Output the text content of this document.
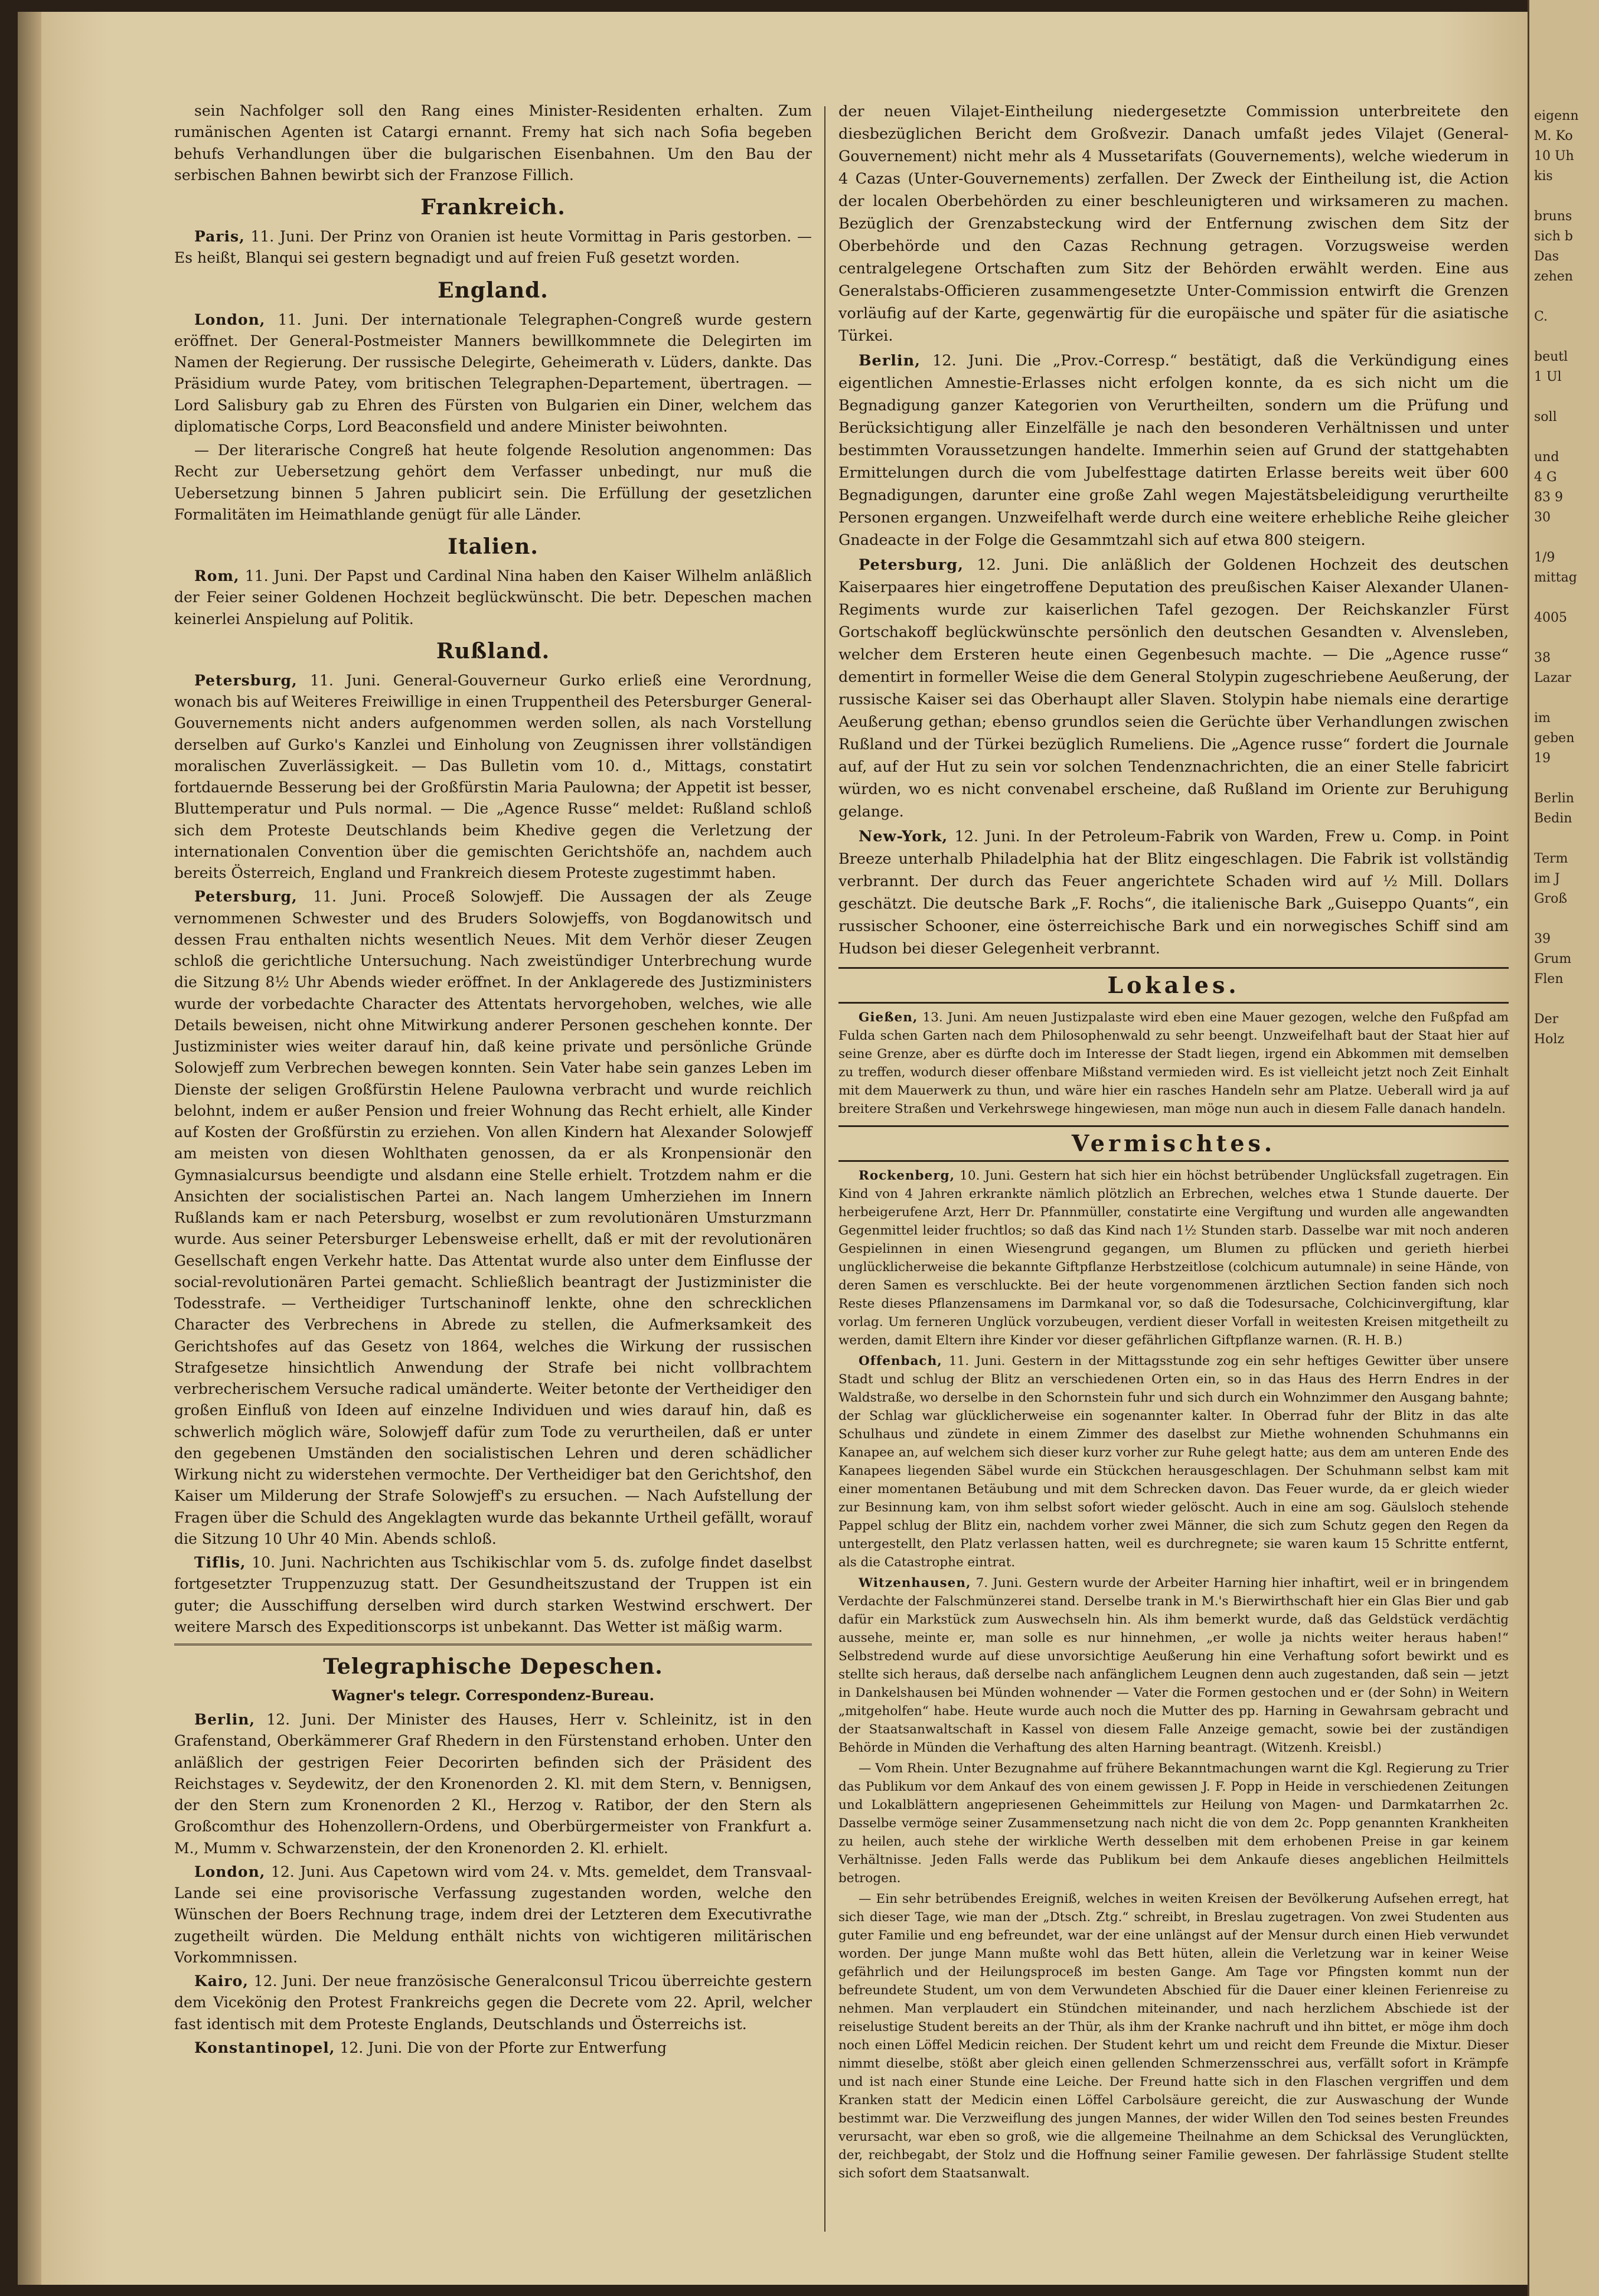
sein Nachfolger soll den Rang eines Minister-Residenten erhalten. Zum rumänischen Agenten ist Catargi ernannt. Fremy hat sich nach Sofia begeben behufs Verhandlungen über die bulgarischen Eisenbahnen. Um den Bau der serbischen Bahnen bewirbt sich der Franzose Fillich.

Frankreich.

Paris, 11. Juni. Der Prinz von Oranien ist heute Vormittag in Paris gestorben. — Es heißt, Blanqui sei gestern begnadigt und auf freien Fuß gesetzt worden.

England.

London, 11. Juni. Der internationale Telegraphen-Congreß wurde gestern eröffnet. Der General-Postmeister Manners bewillkommnete die Delegirten im Namen der Regierung. Der russische Delegirte, Geheimerath v. Lüders, dankte. Das Präsidium wurde Patey, vom britischen Telegraphen-Departement, übertragen. — Lord Salisbury gab zu Ehren des Fürsten von Bulgarien ein Diner, welchem das diplomatische Corps, Lord Beaconsfield und andere Minister beiwohnten.

— Der literarische Congreß hat heute folgende Resolution angenommen: Das Recht zur Uebersetzung gehört dem Verfasser unbedingt, nur muß die Uebersetzung binnen 5 Jahren publicirt sein. Die Erfüllung der gesetzlichen Formalitäten im Heimathlande genügt für alle Länder.

Italien.

Rom, 11. Juni. Der Papst und Cardinal Nina haben den Kaiser Wilhelm anläßlich der Feier seiner Goldenen Hochzeit beglückwünscht. Die betr. Depeschen machen keinerlei Anspielung auf Politik.

Rußland.

Petersburg, 11. Juni. General-Gouverneur Gurko erließ eine Verordnung, wonach bis auf Weiteres Freiwillige in einen Truppentheil des Petersburger General-Gouvernements nicht anders aufgenommen werden sollen, als nach Vorstellung derselben auf Gurko's Kanzlei und Einholung von Zeugnissen ihrer vollständigen moralischen Zuverlässigkeit. — Das Bulletin vom 10. d., Mittags, constatirt fortdauernde Besserung bei der Großfürstin Maria Paulowna; der Appetit ist besser, Bluttemperatur und Puls normal. — Die „Agence Russe“ meldet: Rußland schloß sich dem Proteste Deutschlands beim Khedive gegen die Verletzung der internationalen Convention über die gemischten Gerichtshöfe an, nachdem auch bereits Österreich, England und Frankreich diesem Proteste zugestimmt haben.

Petersburg, 11. Juni. Proceß Solowjeff. Die Aussagen der als Zeuge vernommenen Schwester und des Bruders Solowjeffs, von Bogdanowitsch und dessen Frau enthalten nichts wesentlich Neues. Mit dem Verhör dieser Zeugen schloß die gerichtliche Untersuchung. Nach zweistündiger Unterbrechung wurde die Sitzung 8½ Uhr Abends wieder eröffnet. In der Anklagerede des Justizministers wurde der vorbedachte Character des Attentats hervorgehoben, welches, wie alle Details beweisen, nicht ohne Mitwirkung anderer Personen geschehen konnte. Der Justizminister wies weiter darauf hin, daß keine private und persönliche Gründe Solowjeff zum Verbrechen bewegen konnten. Sein Vater habe sein ganzes Leben im Dienste der seligen Großfürstin Helene Paulowna verbracht und wurde reichlich belohnt, indem er außer Pension und freier Wohnung das Recht erhielt, alle Kinder auf Kosten der Großfürstin zu erziehen. Von allen Kindern hat Alexander Solowjeff am meisten von diesen Wohlthaten genossen, da er als Kronpensionär den Gymnasialcursus beendigte und alsdann eine Stelle erhielt. Trotzdem nahm er die Ansichten der socialistischen Partei an. Nach langem Umherziehen im Innern Rußlands kam er nach Petersburg, woselbst er zum revolutionären Umsturzmann wurde. Aus seiner Petersburger Lebensweise erhellt, daß er mit der revolutionären Gesellschaft engen Verkehr hatte. Das Attentat wurde also unter dem Einflusse der social-revolutionären Partei gemacht. Schließlich beantragt der Justizminister die Todesstrafe. — Vertheidiger Turtschaninoff lenkte, ohne den schrecklichen Character des Verbrechens in Abrede zu stellen, die Aufmerksamkeit des Gerichtshofes auf das Gesetz von 1864, welches die Wirkung der russischen Strafgesetze hinsichtlich Anwendung der Strafe bei nicht vollbrachtem verbrecherischem Versuche radical umänderte. Weiter betonte der Vertheidiger den großen Einfluß von Ideen auf einzelne Individuen und wies darauf hin, daß es schwerlich möglich wäre, Solowjeff dafür zum Tode zu verurtheilen, daß er unter den gegebenen Umständen den socialistischen Lehren und deren schädlicher Wirkung nicht zu widerstehen vermochte. Der Vertheidiger bat den Gerichtshof, den Kaiser um Milderung der Strafe Solowjeff's zu ersuchen. — Nach Aufstellung der Fragen über die Schuld des Angeklagten wurde das bekannte Urtheil gefällt, worauf die Sitzung 10 Uhr 40 Min. Abends schloß.

Tiflis, 10. Juni. Nachrichten aus Tschikischlar vom 5. ds. zufolge findet daselbst fortgesetzter Truppenzuzug statt. Der Gesundheitszustand der Truppen ist ein guter; die Ausschiffung derselben wird durch starken Westwind erschwert. Der weitere Marsch des Expeditionscorps ist unbekannt. Das Wetter ist mäßig warm.

Telegraphische Depeschen.
Wagner's telegr. Correspondenz-Bureau.

Berlin, 12. Juni. Der Minister des Hauses, Herr v. Schleinitz, ist in den Grafenstand, Oberkämmerer Graf Rhedern in den Fürstenstand erhoben. Unter den anläßlich der gestrigen Feier Decorirten befinden sich der Präsident des Reichstages v. Seydewitz, der den Kronenorden 2. Kl. mit dem Stern, v. Bennigsen, der den Stern zum Kronenorden 2 Kl., Herzog v. Ratibor, der den Stern als Großcomthur des Hohenzollern-Ordens, und Oberbürgermeister von Frankfurt a. M., Mumm v. Schwarzenstein, der den Kronenorden 2. Kl. erhielt.

London, 12. Juni. Aus Capetown wird vom 24. v. Mts. gemeldet, dem Transvaal-Lande sei eine provisorische Verfassung zugestanden worden, welche den Wünschen der Boers Rechnung trage, indem drei der Letzteren dem Executivrathe zugetheilt würden. Die Meldung enthält nichts von wichtigeren militärischen Vorkommnissen.

Kairo, 12. Juni. Der neue französische Generalconsul Tricou überreichte gestern dem Vicekönig den Protest Frankreichs gegen die Decrete vom 22. April, welcher fast identisch mit dem Proteste Englands, Deutschlands und Österreichs ist.

Konstantinopel, 12. Juni. Die von der Pforte zur Entwerfung

der neuen Vilajet-Eintheilung niedergesetzte Commission unterbreitete den diesbezüglichen Bericht dem Großvezir. Danach umfaßt jedes Vilajet (General-Gouvernement) nicht mehr als 4 Mussetarifats (Gouvernements), welche wiederum in 4 Cazas (Unter-Gouvernements) zerfallen. Der Zweck der Eintheilung ist, die Action der localen Oberbehörden zu einer beschleunigteren und wirksameren zu machen. Bezüglich der Grenzabsteckung wird der Entfernung zwischen dem Sitz der Oberbehörde und den Cazas Rechnung getragen. Vorzugsweise werden centralgelegene Ortschaften zum Sitz der Behörden erwählt werden. Eine aus Generalstabs-Officieren zusammengesetzte Unter-Commission entwirft die Grenzen vorläufig auf der Karte, gegenwärtig für die europäische und später für die asiatische Türkei.

Berlin, 12. Juni. Die „Prov.-Corresp.“ bestätigt, daß die Verkündigung eines eigentlichen Amnestie-Erlasses nicht erfolgen konnte, da es sich nicht um die Begnadigung ganzer Kategorien von Verurtheilten, sondern um die Prüfung und Berücksichtigung aller Einzelfälle je nach den besonderen Verhältnissen und unter bestimmten Voraussetzungen handelte. Immerhin seien auf Grund der stattgehabten Ermittelungen durch die vom Jubelfesttage datirten Erlasse bereits weit über 600 Begnadigungen, darunter eine große Zahl wegen Majestätsbeleidigung verurtheilte Personen ergangen. Unzweifelhaft werde durch eine weitere erhebliche Reihe gleicher Gnadeacte in der Folge die Gesammtzahl sich auf etwa 800 steigern.

Petersburg, 12. Juni. Die anläßlich der Goldenen Hochzeit des deutschen Kaiserpaares hier eingetroffene Deputation des preußischen Kaiser Alexander Ulanen-Regiments wurde zur kaiserlichen Tafel gezogen. Der Reichskanzler Fürst Gortschakoff beglückwünschte persönlich den deutschen Gesandten v. Alvensleben, welcher dem Ersteren heute einen Gegenbesuch machte. — Die „Agence russe“ dementirt in formeller Weise die dem General Stolypin zugeschriebene Aeußerung, der russische Kaiser sei das Oberhaupt aller Slaven. Stolypin habe niemals eine derartige Aeußerung gethan; ebenso grundlos seien die Gerüchte über Verhandlungen zwischen Rußland und der Türkei bezüglich Rumeliens. Die „Agence russe“ fordert die Journale auf, auf der Hut zu sein vor solchen Tendenznachrichten, die an einer Stelle fabricirt würden, wo es nicht convenabel erscheine, daß Rußland im Oriente zur Beruhigung gelange.

New-York, 12. Juni. In der Petroleum-Fabrik von Warden, Frew u. Comp. in Point Breeze unterhalb Philadelphia hat der Blitz eingeschlagen. Die Fabrik ist vollständig verbrannt. Der durch das Feuer angerichtete Schaden wird auf ½ Mill. Dollars geschätzt. Die deutsche Bark „F. Rochs“, die italienische Bark „Guiseppo Quants“, ein russischer Schooner, eine österreichische Bark und ein norwegisches Schiff sind am Hudson bei dieser Gelegenheit verbrannt.

Lokales.

Gießen, 13. Juni. Am neuen Justizpalaste wird eben eine Mauer gezogen, welche den Fußpfad am Fulda schen Garten nach dem Philosophenwald zu sehr beengt. Unzweifelhaft baut der Staat hier auf seine Grenze, aber es dürfte doch im Interesse der Stadt liegen, irgend ein Abkommen mit demselben zu treffen, wodurch dieser offenbare Mißstand vermieden wird. Es ist vielleicht jetzt noch Zeit Einhalt mit dem Mauerwerk zu thun, und wäre hier ein rasches Handeln sehr am Platze. Ueberall wird ja auf breitere Straßen und Verkehrswege hingewiesen, man möge nun auch in diesem Falle danach handeln.

Vermischtes.

Rockenberg, 10. Juni. Gestern hat sich hier ein höchst betrübender Unglücksfall zugetragen. Ein Kind von 4 Jahren erkrankte nämlich plötzlich an Erbrechen, welches etwa 1 Stunde dauerte. Der herbeigerufene Arzt, Herr Dr. Pfannmüller, constatirte eine Vergiftung und wurden alle angewandten Gegenmittel leider fruchtlos; so daß das Kind nach 1½ Stunden starb. Dasselbe war mit noch anderen Gespielinnen in einen Wiesengrund gegangen, um Blumen zu pflücken und gerieth hierbei unglücklicherweise die bekannte Giftpflanze Herbstzeitlose (colchicum autumnale) in seine Hände, von deren Samen es verschluckte. Bei der heute vorgenommenen ärztlichen Section fanden sich noch Reste dieses Pflanzensamens im Darmkanal vor, so daß die Todesursache, Colchicinvergiftung, klar vorlag. Um ferneren Unglück vorzubeugen, verdient dieser Vorfall in weitesten Kreisen mitgetheilt zu werden, damit Eltern ihre Kinder vor dieser gefährlichen Giftpflanze warnen. (R. H. B.)

Offenbach, 11. Juni. Gestern in der Mittagsstunde zog ein sehr heftiges Gewitter über unsere Stadt und schlug der Blitz an verschiedenen Orten ein, so in das Haus des Herrn Endres in der Waldstraße, wo derselbe in den Schornstein fuhr und sich durch ein Wohnzimmer den Ausgang bahnte; der Schlag war glücklicherweise ein sogenannter kalter. In Oberrad fuhr der Blitz in das alte Schulhaus und zündete in einem Zimmer des daselbst zur Miethe wohnenden Schuhmanns ein Kanapee an, auf welchem sich dieser kurz vorher zur Ruhe gelegt hatte; aus dem am unteren Ende des Kanapees liegenden Säbel wurde ein Stückchen herausgeschlagen. Der Schuhmann selbst kam mit einer momentanen Betäubung und mit dem Schrecken davon. Das Feuer wurde, da er gleich wieder zur Besinnung kam, von ihm selbst sofort wieder gelöscht. Auch in eine am sog. Gäulsloch stehende Pappel schlug der Blitz ein, nachdem vorher zwei Männer, die sich zum Schutz gegen den Regen da untergestellt, den Platz verlassen hatten, weil es durchregnete; sie waren kaum 15 Schritte entfernt, als die Catastrophe eintrat.

Witzenhausen, 7. Juni. Gestern wurde der Arbeiter Harning hier inhaftirt, weil er in bringendem Verdachte der Falschmünzerei stand. Derselbe trank in M.'s Bierwirthschaft hier ein Glas Bier und gab dafür ein Markstück zum Auswechseln hin. Als ihm bemerkt wurde, daß das Geldstück verdächtig aussehe, meinte er, man solle es nur hinnehmen, „er wolle ja nichts weiter heraus haben!“ Selbstredend wurde auf diese unvorsichtige Aeußerung hin eine Verhaftung sofort bewirkt und es stellte sich heraus, daß derselbe nach anfänglichem Leugnen denn auch zugestanden, daß sein — jetzt in Dankelshausen bei Münden wohnender — Vater die Formen gestochen und er (der Sohn) in Weitern „mitgeholfen“ habe. Heute wurde auch noch die Mutter des pp. Harning in Gewahrsam gebracht und der Staatsanwaltschaft in Kassel von diesem Falle Anzeige gemacht, sowie bei der zuständigen Behörde in Münden die Verhaftung des alten Harning beantragt. (Witzenh. Kreisbl.)

— Vom Rhein. Unter Bezugnahme auf frühere Bekanntmachungen warnt die Kgl. Regierung zu Trier das Publikum vor dem Ankauf des von einem gewissen J. F. Popp in Heide in verschiedenen Zeitungen und Lokalblättern angepriesenen Geheimmittels zur Heilung von Magen- und Darmkatarrhen 2c. Dasselbe vermöge seiner Zusammensetzung nach nicht die von dem 2c. Popp genannten Krankheiten zu heilen, auch stehe der wirkliche Werth desselben mit dem erhobenen Preise in gar keinem Verhältnisse. Jeden Falls werde das Publikum bei dem Ankaufe dieses angeblichen Heilmittels betrogen.

— Ein sehr betrübendes Ereigniß, welches in weiten Kreisen der Bevölkerung Aufsehen erregt, hat sich dieser Tage, wie man der „Dtsch. Ztg.“ schreibt, in Breslau zugetragen. Von zwei Studenten aus guter Familie und eng befreundet, war der eine unlängst auf der Mensur durch einen Hieb verwundet worden. Der junge Mann mußte wohl das Bett hüten, allein die Verletzung war in keiner Weise gefährlich und der Heilungsproceß im besten Gange. Am Tage vor Pfingsten kommt nun der befreundete Student, um von dem Verwundeten Abschied für die Dauer einer kleinen Ferienreise zu nehmen. Man verplaudert ein Stündchen miteinander, und nach herzlichem Abschiede ist der reiselustige Student bereits an der Thür, als ihm der Kranke nachruft und ihn bittet, er möge ihm doch noch einen Löffel Medicin reichen. Der Student kehrt um und reicht dem Freunde die Mixtur. Dieser nimmt dieselbe, stößt aber gleich einen gellenden Schmerzensschrei aus, verfällt sofort in Krämpfe und ist nach einer Stunde eine Leiche. Der Freund hatte sich in den Flaschen vergriffen und dem Kranken statt der Medicin einen Löffel Carbolsäure gereicht, die zur Auswaschung der Wunde bestimmt war. Die Verzweiflung des jungen Mannes, der wider Willen den Tod seines besten Freundes verursacht, war eben so groß, wie die allgemeine Theilnahme an dem Schicksal des Verunglückten, der, reichbegabt, der Stolz und die Hoffnung seiner Familie gewesen. Der fahrlässige Student stellte sich sofort dem Staatsanwalt.

eigenn
M. Ko
10 Uh
kis

bruns
sich b
Das
zehen

C.

beutl
1 Ul

soll

und
4 G
83 9
30

1/9
mittag

4005

38
Lazar

im
geben
19

Berlin
Bedin

Term
im J
Groß

39
Grum
Flen

Der
Holz
